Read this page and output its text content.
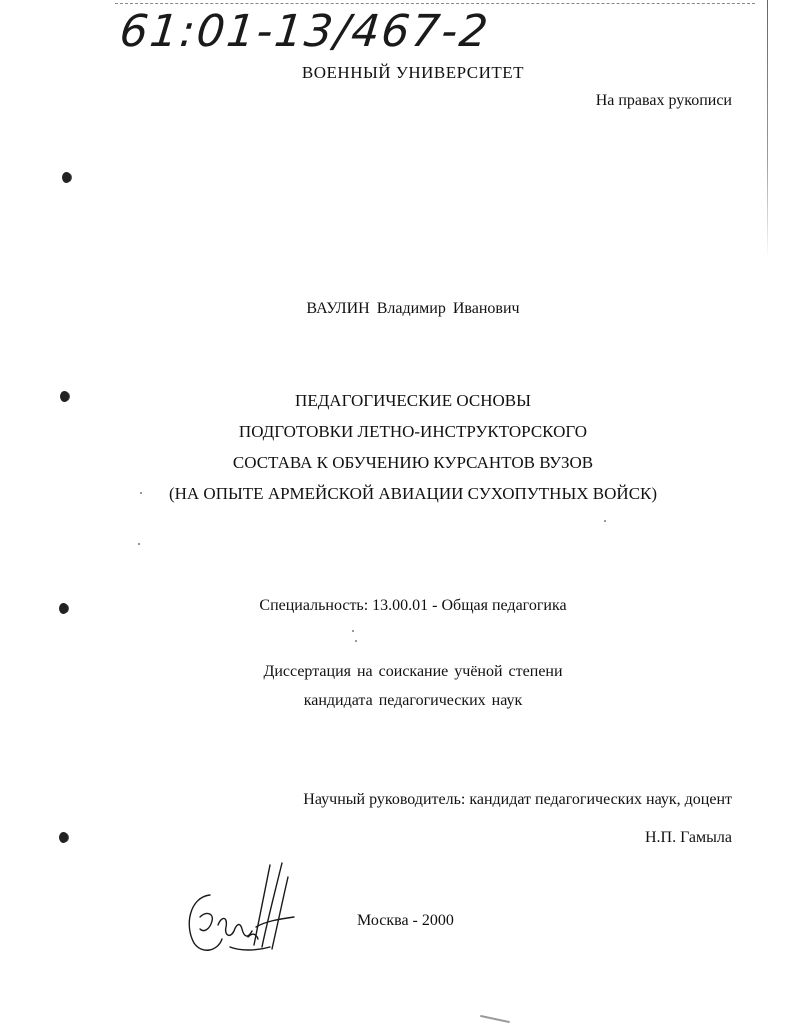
61:01-13/467-2
ВОЕННЫЙ УНИВЕРСИТЕТ
На правах рукописи
ВАУЛИН Владимир Иванович
ПЕДАГОГИЧЕСКИЕ ОСНОВЫ
ПОДГОТОВКИ ЛЕТНО-ИНСТРУКТОРСКОГО
СОСТАВА К ОБУЧЕНИЮ КУРСАНТОВ ВУЗОВ
(НА ОПЫТЕ АРМЕЙСКОЙ АВИАЦИИ СУХОПУТНЫХ ВОЙСК)
Специальность: 13.00.01 - Общая педагогика
Диссертация на соискание учёной степени
кандидата педагогических наук
Научный руководитель: кандидат педагогических наук, доцент
Н.П. Гамыла
Москва - 2000
